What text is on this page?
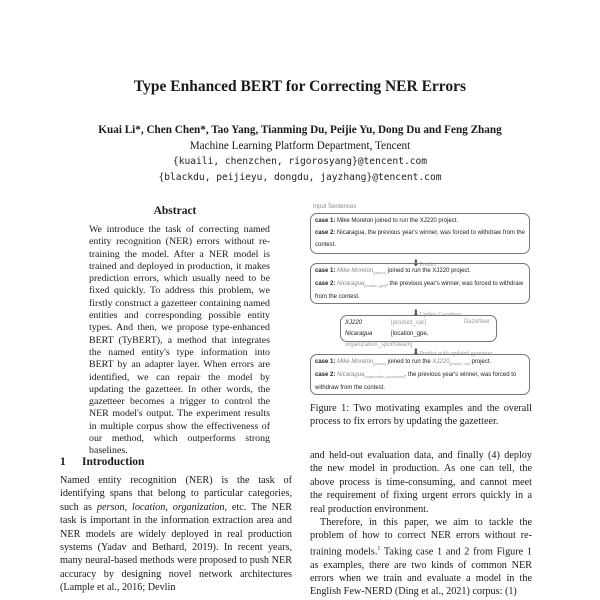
Type Enhanced BERT for Correcting NER Errors
Kuai Li*, Chen Chen*, Tao Yang, Tianming Du, Peijie Yu, Dong Du and Feng Zhang
Machine Learning Platform Department, Tencent
{kuaili, chenzchen, rigorosyang}@tencent.com
{blackdu, peijieyu, dongdu, jayzhang}@tencent.com
Abstract
We introduce the task of correcting named entity recognition (NER) errors without re-training the model. After a NER model is trained and deployed in production, it makes prediction errors, which usually need to be fixed quickly. To address this problem, we firstly construct a gazetteer containing named entities and corresponding possible entity types. And then, we propose type-enhanced BERT (TyBERT), a method that integrates the named entity's type information into BERT by an adapter layer. When errors are identified, we can repair the model by updating the gazetteer. In other words, the gazetteer becomes a trigger to control the NER model's output. The experiment results in multiple corpus show the effectiveness of our method, which outperforms strong baselines.
1 Introduction
Named entity recognition (NER) is the task of identifying spans that belong to particular categories, such as person, location, organization, etc. The NER task is important in the information extraction area and NER models are widely deployed in real production systems (Yadav and Bethard, 2019). In recent years, many neural-based methods were proposed to push NER accuracy by designing novel network architectures (Lample et al., 2016; Devlin
Input Sentences
case 1: Mike Moreton joined to run the XJ220 project.
case 2: Nicaragua, the previous year's winner, was forced to withdraw from the contest.
⬇Predict
case 1: Mike Moreton$_{[person]}$ joined to run the XJ220 project.
case 2: Nicaragua$_{[location\_gpe]}$, the previous year's winner, was forced to withdraw from the contest.
⬇Update Gazetteer
Gazetteer
XJ220	[product_car]
Nicaragua	[location_gpe, organization_sportsteam]
⬇Predict with updated gazetteer
case 1: Mike Moreton$_{[person]}$ joined to run the $XJ220_{[product\_car]}$ project.
case 2: Nicaragua$_{[organization\_sportsteam]}$, the previous year's winner, was forced to withdraw from the contest.
Figure 1: Two motivating examples and the overall process to fix errors by updating the gazetteer.

and held-out evaluation data, and finally (4) deploy the new model in production. As one can tell, the above process is time-consuming, and cannot meet the requirement of fixing urgent errors quickly in a real production environment.

Therefore, in this paper, we aim to tackle the problem of how to correct NER errors without re-training models.$^1$ Taking case 1 and 2 from Figure 1 as examples, there are two kinds of common NER errors when we train and evaluate a model in the English Few-NERD (Ding et al., 2021) corpus: (1)
